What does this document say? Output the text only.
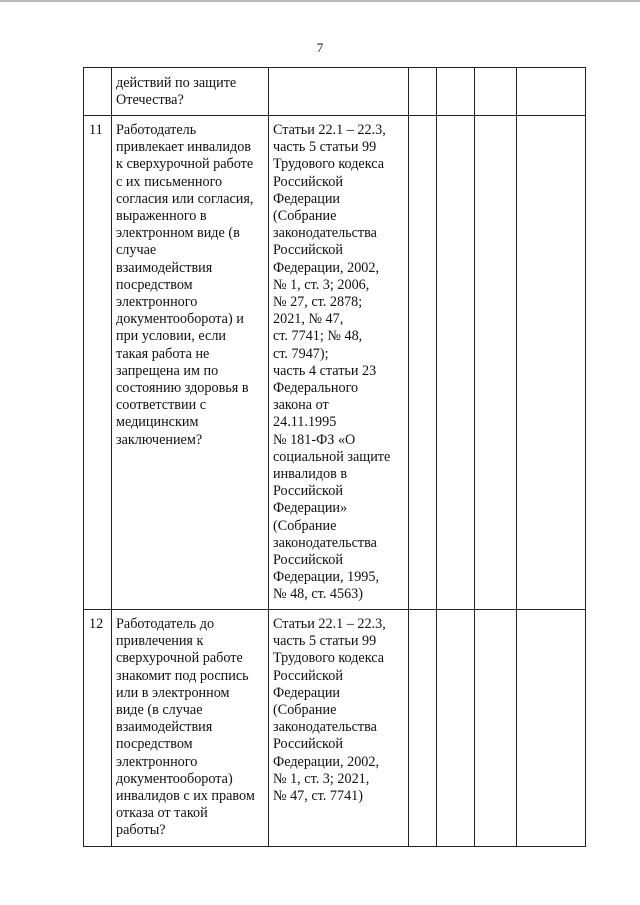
7
действий по защите
Отечества?
11 Работодатель
привлекает инвалидов
к сверхурочной работе
с их письменного
согласия или согласия,
выраженного в
электронном виде (в
случае
взаимодействия
посредством
электронного
документооборота) и
при условии, если
такая работа не
запрещена им по
состоянию здоровья в
соответствии с
медицинским
заключением?
Статьи 22.1 – 22.3,
часть 5 статьи 99
Трудового кодекса
Российской
Федерации
(Собрание
законодательства
Российской
Федерации, 2002,
№ 1, ст. 3; 2006,
№ 27, ст. 2878;
2021, № 47,
ст. 7741; № 48,
ст. 7947);
часть 4 статьи 23
Федерального
закона от
24.11.1995
№ 181-ФЗ «О
социальной защите
инвалидов в
Российской
Федерации»
(Собрание
законодательства
Российской
Федерации, 1995,
№ 48, ст. 4563)
12 Работодатель до
привлечения к
сверхурочной работе
знакомит под роспись
или в электронном
виде (в случае
взаимодействия
посредством
электронного
документооборота)
инвалидов с их правом
отказа от такой
работы?
Статьи 22.1 – 22.3,
часть 5 статьи 99
Трудового кодекса
Российской
Федерации
(Собрание
законодательства
Российской
Федерации, 2002,
№ 1, ст. 3; 2021,
№ 47, ст. 7741)
